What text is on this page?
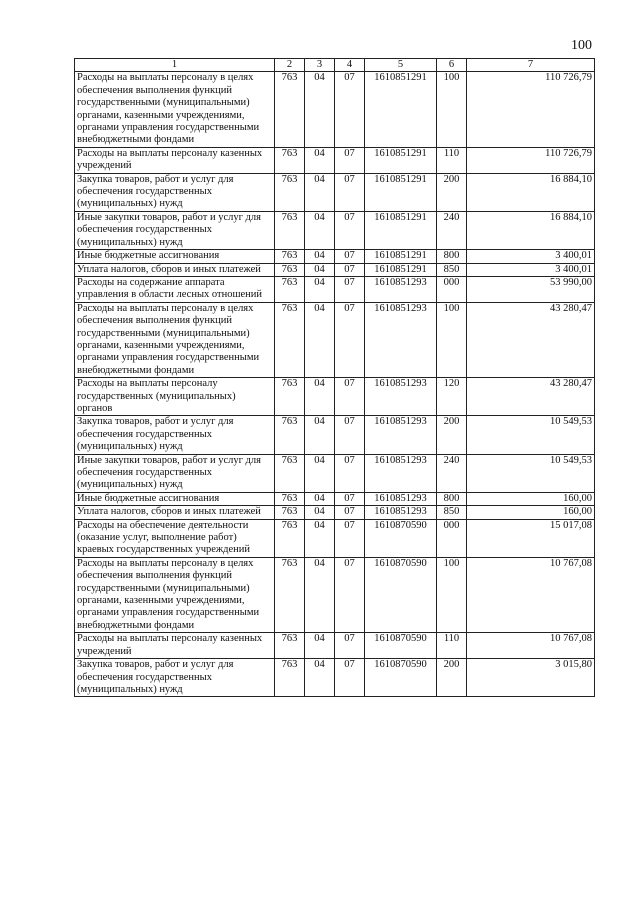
100
1	2	3	4	5	6	7
Расходы на выплаты персоналу в целях обеспечения выполнения функций государственными (муниципальными) органами, казенными учреждениями, органами управления государственными внебюджетными фондами	763	04	07	1610851291	100	110 726,79
Расходы на выплаты персоналу казенных учреждений	763	04	07	1610851291	110	110 726,79
Закупка товаров, работ и услуг для обеспечения государственных (муниципальных) нужд	763	04	07	1610851291	200	16 884,10
Иные закупки товаров, работ и услуг для обеспечения государственных (муниципальных) нужд	763	04	07	1610851291	240	16 884,10
Иные бюджетные ассигнования	763	04	07	1610851291	800	3 400,01
Уплата налогов, сборов и иных платежей	763	04	07	1610851291	850	3 400,01
Расходы на содержание аппарата управления в области лесных отношений	763	04	07	1610851293	000	53 990,00
Расходы на выплаты персоналу в целях обеспечения выполнения функций государственными (муниципальными) органами, казенными учреждениями, органами управления государственными внебюджетными фондами	763	04	07	1610851293	100	43 280,47
Расходы на выплаты персоналу государственных (муниципальных) органов	763	04	07	1610851293	120	43 280,47
Закупка товаров, работ и услуг для обеспечения государственных (муниципальных) нужд	763	04	07	1610851293	200	10 549,53
Иные закупки товаров, работ и услуг для обеспечения государственных (муниципальных) нужд	763	04	07	1610851293	240	10 549,53
Иные бюджетные ассигнования	763	04	07	1610851293	800	160,00
Уплата налогов, сборов и иных платежей	763	04	07	1610851293	850	160,00
Расходы на обеспечение деятельности (оказание услуг, выполнение работ) краевых государственных учреждений	763	04	07	1610870590	000	15 017,08
Расходы на выплаты персоналу в целях обеспечения выполнения функций государственными (муниципальными) органами, казенными учреждениями, органами управления государственными внебюджетными фондами	763	04	07	1610870590	100	10 767,08
Расходы на выплаты персоналу казенных учреждений	763	04	07	1610870590	110	10 767,08
Закупка товаров, работ и услуг для обеспечения государственных (муниципальных) нужд	763	04	07	1610870590	200	3 015,80
